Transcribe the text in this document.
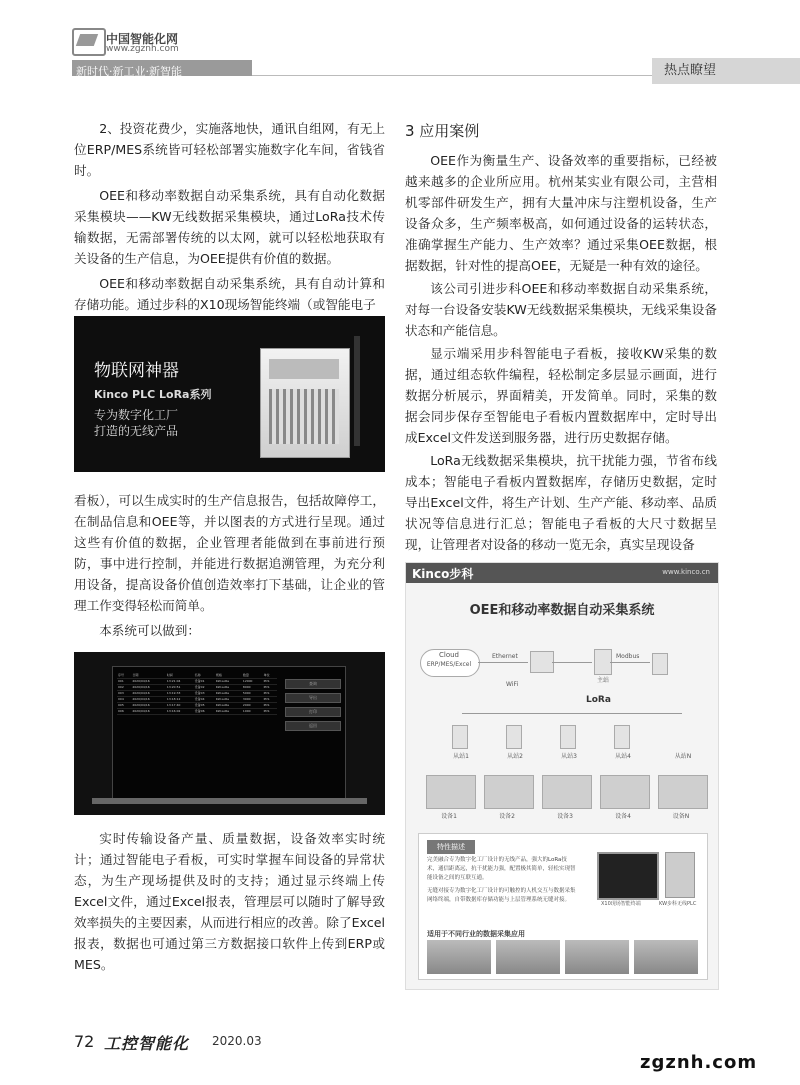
中国智能化网
www.zgznh.com
新时代·新工业·新智能	热点瞭望

2、投资花费少，实施落地快，通讯自组网，有无上位ERP/MES系统皆可轻松部署实施数字化车间，省钱省时。

OEE和移动率数据自动采集系统，具有自动化数据采集模块——KW无线数据采集模块，通过LoRa技术传输数据，无需部署传统的以太网，就可以轻松地获取有关设备的生产信息，为OEE提供有价值的数据。

OEE和移动率数据自动采集系统，具有自动计算和存储功能。通过步科的X10现场智能终端（或智能电子

物联网神器
Kinco PLC LoRa系列
专为数字化工厂
打造的无线产品

看板），可以生成实时的生产信息报告，包括故障停工，在制品信息和OEE等，并以图表的方式进行呈现。通过这些有价值的数据，企业管理者能做到在事前进行预防，事中进行控制，并能进行数据追溯管理，为充分利用设备，提高设备价值创造效率打下基础，让企业的管理工作变得轻松而简单。

本系统可以做到：

序号	日期	时间	名称	规格	数量	单位
001	2020/04/16	13:21:04	设备01	KW-LoRa	12000	PCS
002	2020/04/16	13:20:51	设备02	KW-LoRa	8000	PCS
003	2020/04/16	13:19:33	设备03	KW-LoRa	5000	PCS
004	2020/04/16	13:18:12	设备04	KW-LoRa	3000	PCS
005	2020/04/16	13:17:40	设备05	KW-LoRa	2000	PCS
006	2020/04/16	13:16:02	设备06	KW-LoRa	1000	PCS
查询
导出
打印
返回

实时传输设备产量、质量数据，设备效率实时统计；通过智能电子看板，可实时掌握车间设备的异常状态，为生产现场提供及时的支持；通过显示终端上传Excel文件，通过Excel报表，管理层可以随时了解导致效率损失的主要因素，从而进行相应的改善。除了Excel报表，数据也可通过第三方数据接口软件上传到ERP或MES。

3 应用案例

OEE作为衡量生产、设备效率的重要指标，已经被越来越多的企业所应用。杭州某实业有限公司，主营相机零部件研发生产，拥有大量冲床与注塑机设备，生产设备众多，生产频率极高，如何通过设备的运转状态，准确掌握生产能力、生产效率？通过采集OEE数据，根据数据，针对性的提高OEE，无疑是一种有效的途径。

该公司引进步科OEE和移动率数据自动采集系统，对每一台设备安装KW无线数据采集模块，无线采集设备状态和产能信息。

显示端采用步科智能电子看板，接收KW采集的数据，通过组态软件编程，轻松制定多层显示画面，进行数据分析展示，界面精美，开发简单。同时，采集的数据会同步保存至智能电子看板内置数据库中，定时导出成Excel文件发送到服务器，进行历史数据存储。

LoRa无线数据采集模块，抗干扰能力强，节省布线成本；智能电子看板内置数据库，存储历史数据，定时导出Excel文件，将生产计划、生产产能、移动率、品质状况等信息进行汇总；智能电子看板的大尺寸数据呈现，让管理者对设备的移动一览无余，真实呈现设备

Kinco步科	www.kinco.cn
OEE和移动率数据自动采集系统
Cloud
ERP/MES/Excel
Ethernet
WiFi
主站
Modbus
LoRa
从站1	从站2	从站3	从站4	从站N
设备1	设备2	设备3	设备4	设备N
特性描述
完美融合专为数字化工厂设计的无线产品，强大的LoRa技术，通信距离远，抗干扰能力强，配置极其简单，轻松实现智能设备之间的互联互通。
无缝对接专为数字化工厂设计的可触控的人机交互与数据采集网络终端，自带数据库存储功能与上层管理系统无缝对接。
X10现场智能终端	KW步科无线PLC
适用于不同行业的数据采集应用
72 工控智能化 2020.03
zgznh.com
